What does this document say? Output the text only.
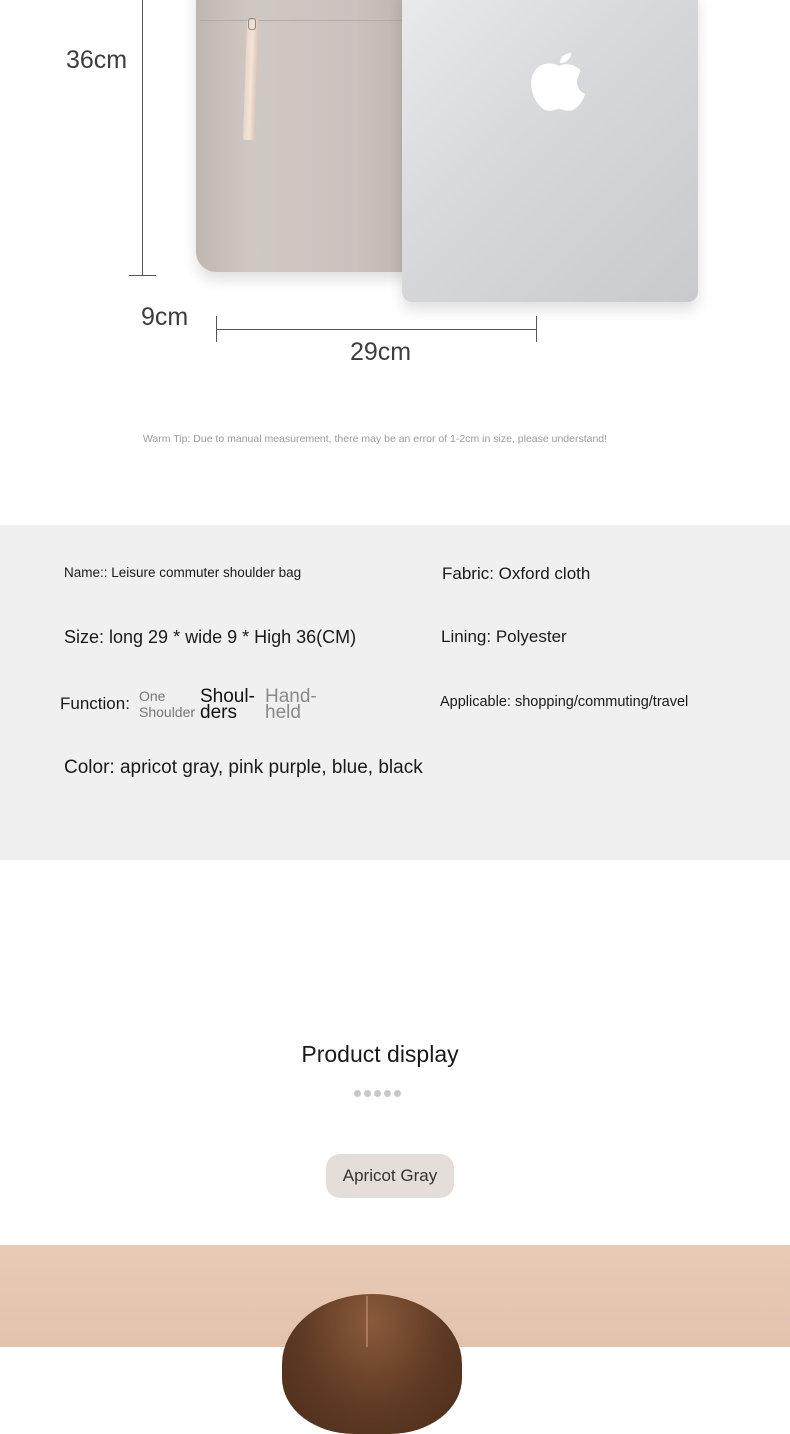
36cm
9cm
29cm
Warm Tip: Due to manual measurement, there may be an error of 1-2cm in size, please understand!
Name:: Leisure commuter shoulder bag	Fabric: Oxford cloth
Size: long 29 * wide 9 * High 36(CM)	Lining: Polyester
Function: One
Shoulder
Shoul-
ders
Hand-
held	Applicable: shopping/commuting/travel
Color: apricot gray, pink purple, blue, black
Product display
Apricot Gray
